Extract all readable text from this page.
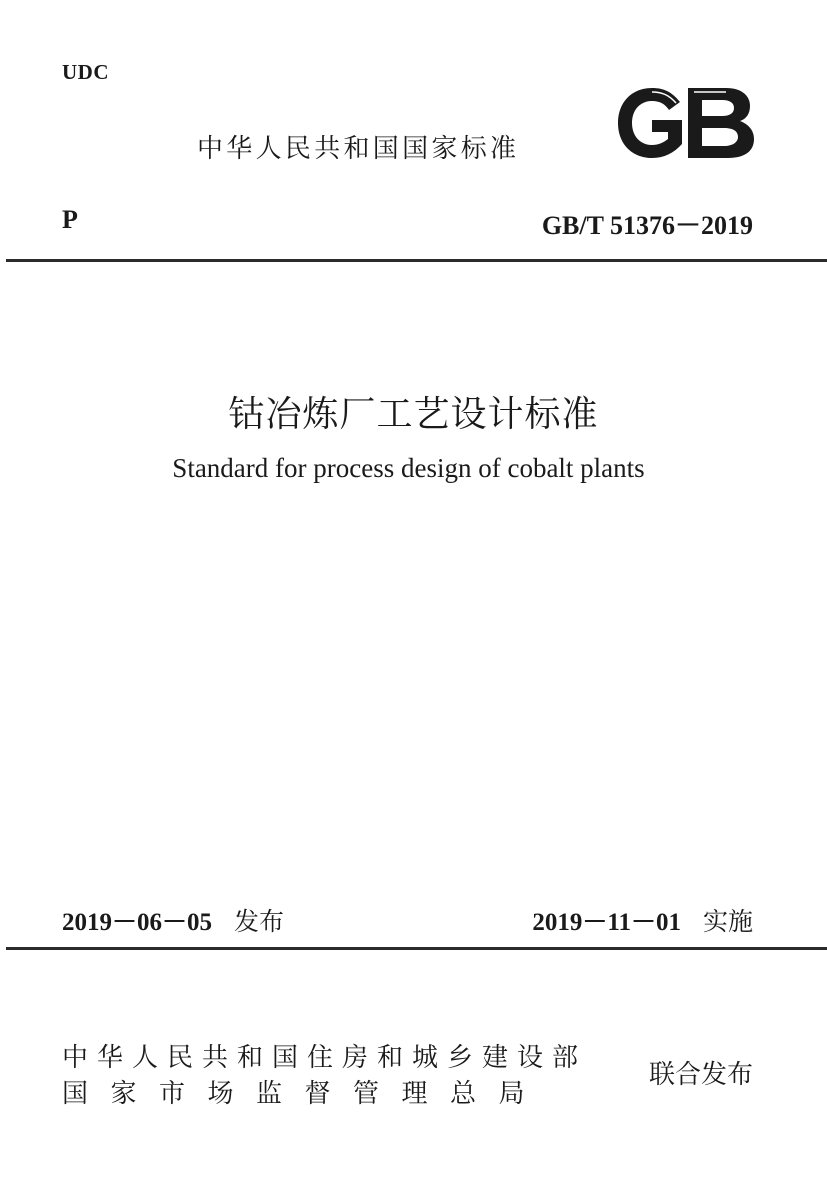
UDC
中华人民共和国国家标准
P	GB/T 51376－2019
钴冶炼厂工艺设计标准
Standard for process design of cobalt plants
2019－06－05 发布	2019－11－01 实施
中华人民共和国住房和城乡建设部
国家市场监督管理总局
联合发布
